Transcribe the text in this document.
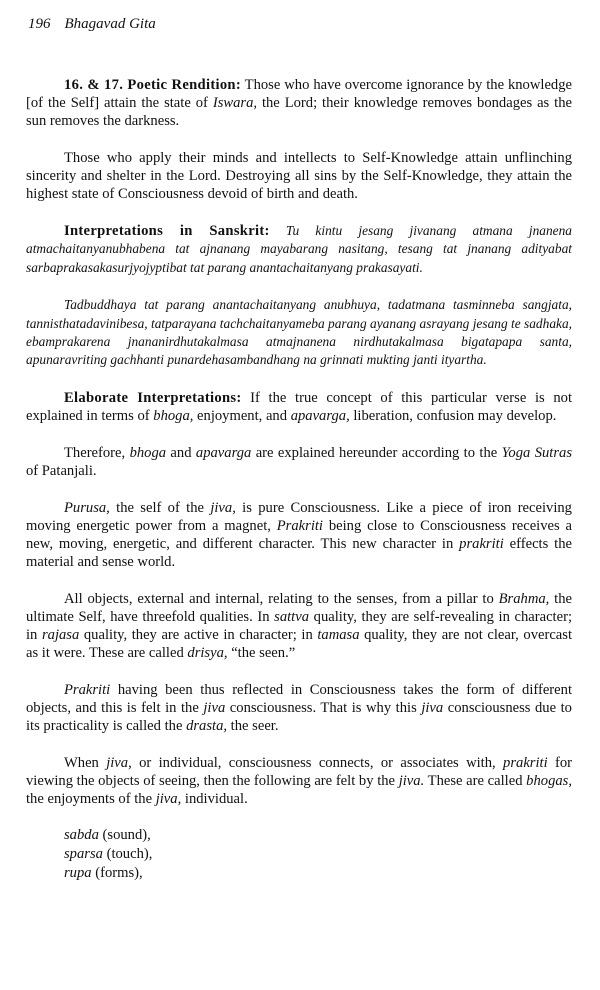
196 Bhagavad Gita

16. & 17. Poetic Rendition: Those who have overcome ignorance by the knowledge [of the Self] attain the state of Iswara, the Lord; their knowledge removes bondages as the sun removes the darkness.

Those who apply their minds and intellects to Self-Knowledge attain unflinching sincerity and shelter in the Lord. Destroying all sins by the Self-Knowledge, they attain the highest state of Consciousness devoid of birth and death.

Interpretations in Sanskrit: Tu kintu jesang jivanang atmana jnanena atmachaitanyanubhabena tat ajnanang mayabarang nasitang, tesang tat jnanang adityabat sarbaprakasakasurjyojyptibat tat parang anantachaitanyang prakasayati.

Tadbuddhaya tat parang anantachaitanyang anubhuya, tadatmana tasminneba sangjata, tannisthatadavinibesa, tatparayana tachchaitanyameba parang ayanang asrayang jesang te sadhaka, ebamprakarena jnananirdhutakalmasa atmajnanena nirdhutakalmasa bigatapapa santa, apunaravriting gachhanti punardehasambandhang na grinnati mukting janti ityartha.

Elaborate Interpretations: If the true concept of this particular verse is not explained in terms of bhoga, enjoyment, and apavarga, liberation, confusion may develop.

Therefore, bhoga and apavarga are explained hereunder according to the Yoga Sutras of Patanjali.

Purusa, the self of the jiva, is pure Consciousness. Like a piece of iron receiving moving energetic power from a magnet, Prakriti being close to Consciousness receives a new, moving, energetic, and different character. This new character in prakriti effects the material and sense world.

All objects, external and internal, relating to the senses, from a pillar to Brahma, the ultimate Self, have threefold qualities. In sattva quality, they are self-revealing in character; in rajasa quality, they are active in character; in tamasa quality, they are not clear, overcast as it were. These are called drisya, “the seen.”

Prakriti having been thus reflected in Consciousness takes the form of different objects, and this is felt in the jiva consciousness. That is why this jiva consciousness due to its practicality is called the drasta, the seer.

When jiva, or individual, consciousness connects, or associates with, prakriti for viewing the objects of seeing, then the following are felt by the jiva. These are called bhogas, the enjoyments of the jiva, individual.

sabda (sound),
sparsa (touch),
rupa (forms),
